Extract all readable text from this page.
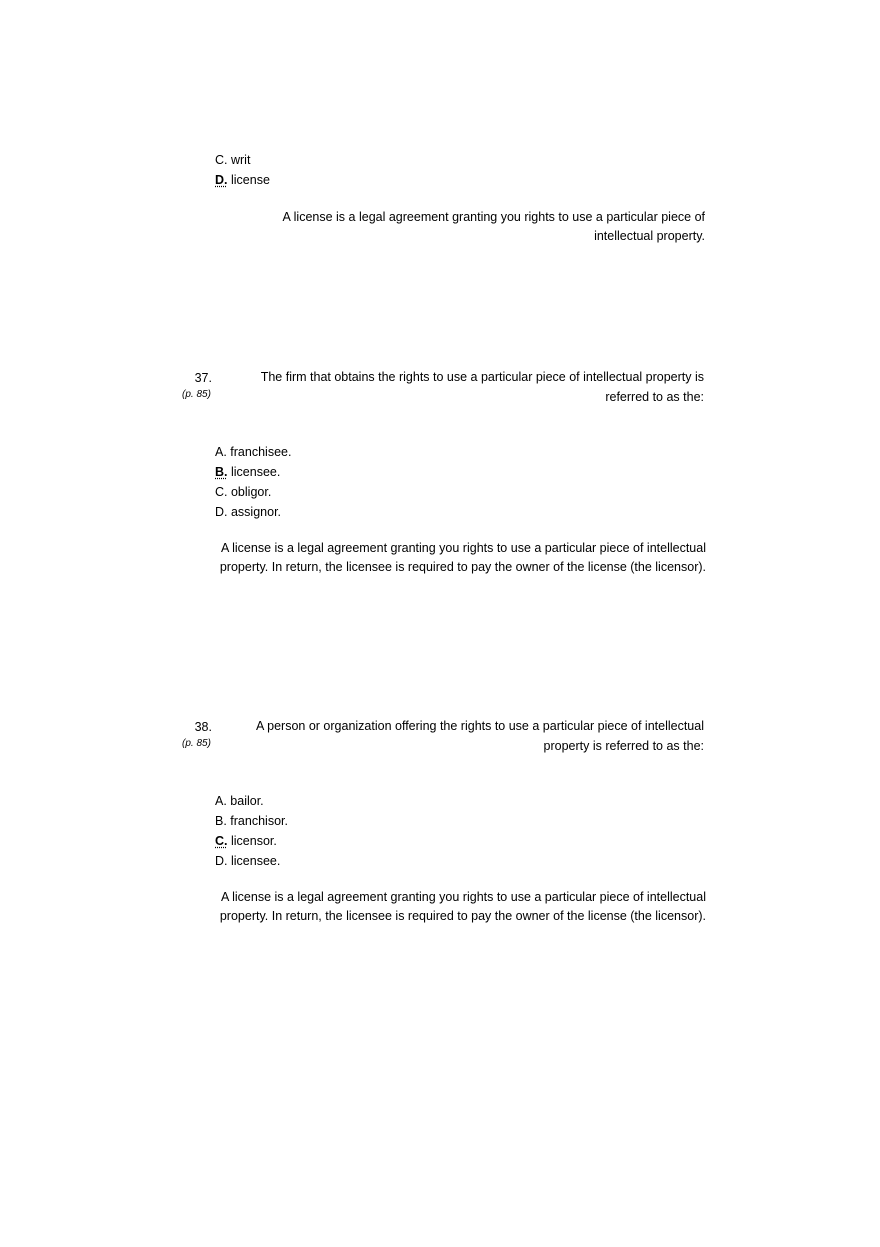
C. writ
D. license
A license is a legal agreement granting you rights to use a particular piece of intellectual property.
37.
(p. 85)
The firm that obtains the rights to use a particular piece of intellectual property is referred to as the:
A. franchisee.
B. licensee.
C. obligor.
D. assignor.
A license is a legal agreement granting you rights to use a particular piece of intellectual property. In return, the licensee is required to pay the owner of the license (the licensor).
38.
(p. 85)
A person or organization offering the rights to use a particular piece of intellectual property is referred to as the:
A. bailor.
B. franchisor.
C. licensor.
D. licensee.
A license is a legal agreement granting you rights to use a particular piece of intellectual property. In return, the licensee is required to pay the owner of the license (the licensor).
